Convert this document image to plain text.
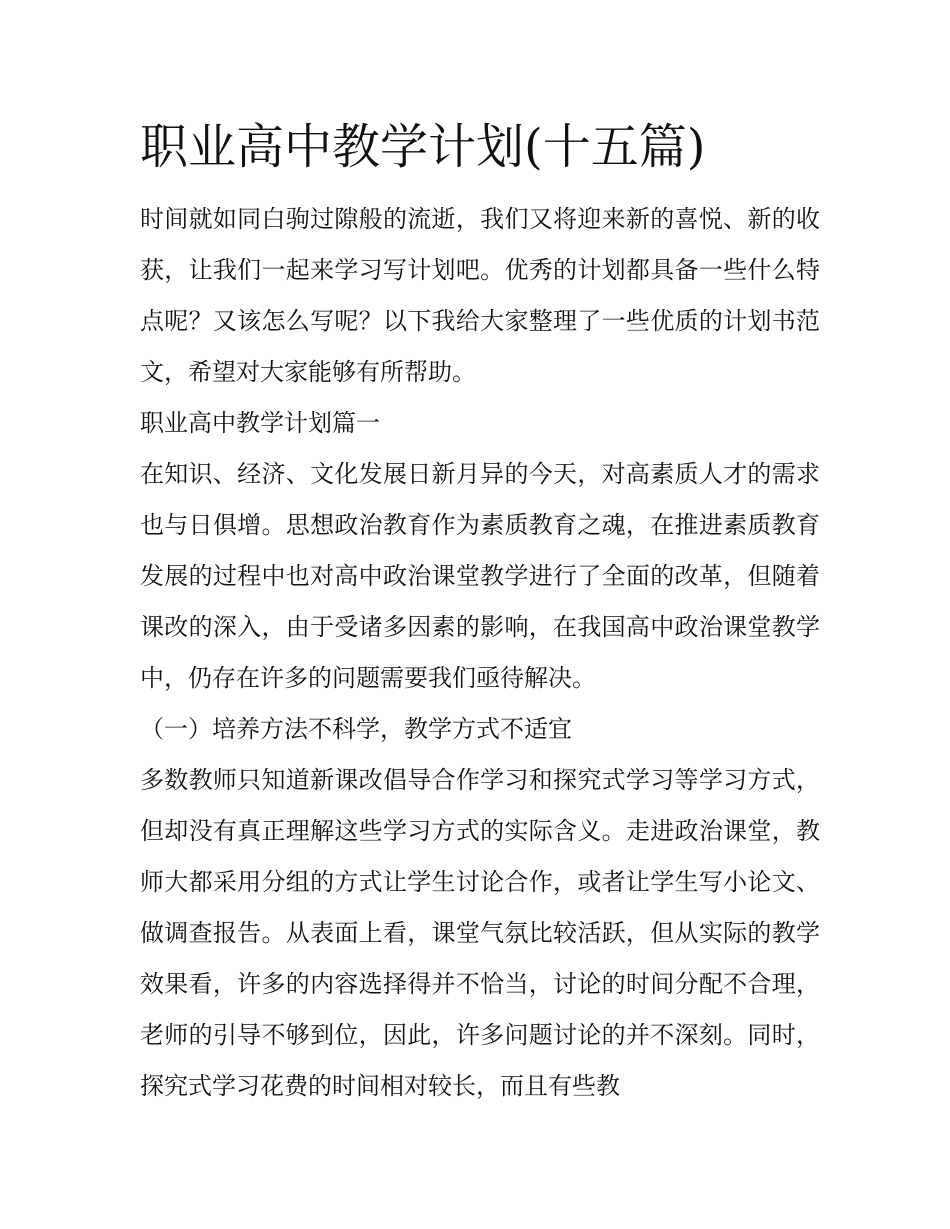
职业高中教学计划(十五篇)

时间就如同白驹过隙般的流逝，我们又将迎来新的喜悦、新的收获，让我们一起来学习写计划吧。优秀的计划都具备一些什么特点呢？又该怎么写呢？以下我给大家整理了一些优质的计划书范文，希望对大家能够有所帮助。

职业高中教学计划篇一

在知识、经济、文化发展日新月异的今天，对高素质人才的需求也与日俱增。思想政治教育作为素质教育之魂，在推进素质教育发展的过程中也对高中政治课堂教学进行了全面的改革，但随着课改的深入，由于受诸多因素的影响，在我国高中政治课堂教学中，仍存在许多的问题需要我们亟待解决。

（一）培养方法不科学，教学方式不适宜

多数教师只知道新课改倡导合作学习和探究式学习等学习方式，但却没有真正理解这些学习方式的实际含义。走进政治课堂，教师大都采用分组的方式让学生讨论合作，或者让学生写小论文、做调查报告。从表面上看，课堂气氛比较活跃，但从实际的教学效果看，许多的内容选择得并不恰当，讨论的时间分配不合理，老师的引导不够到位，因此，许多问题讨论的并不深刻。同时，探究式学习花费的时间相对较长，而且有些教
